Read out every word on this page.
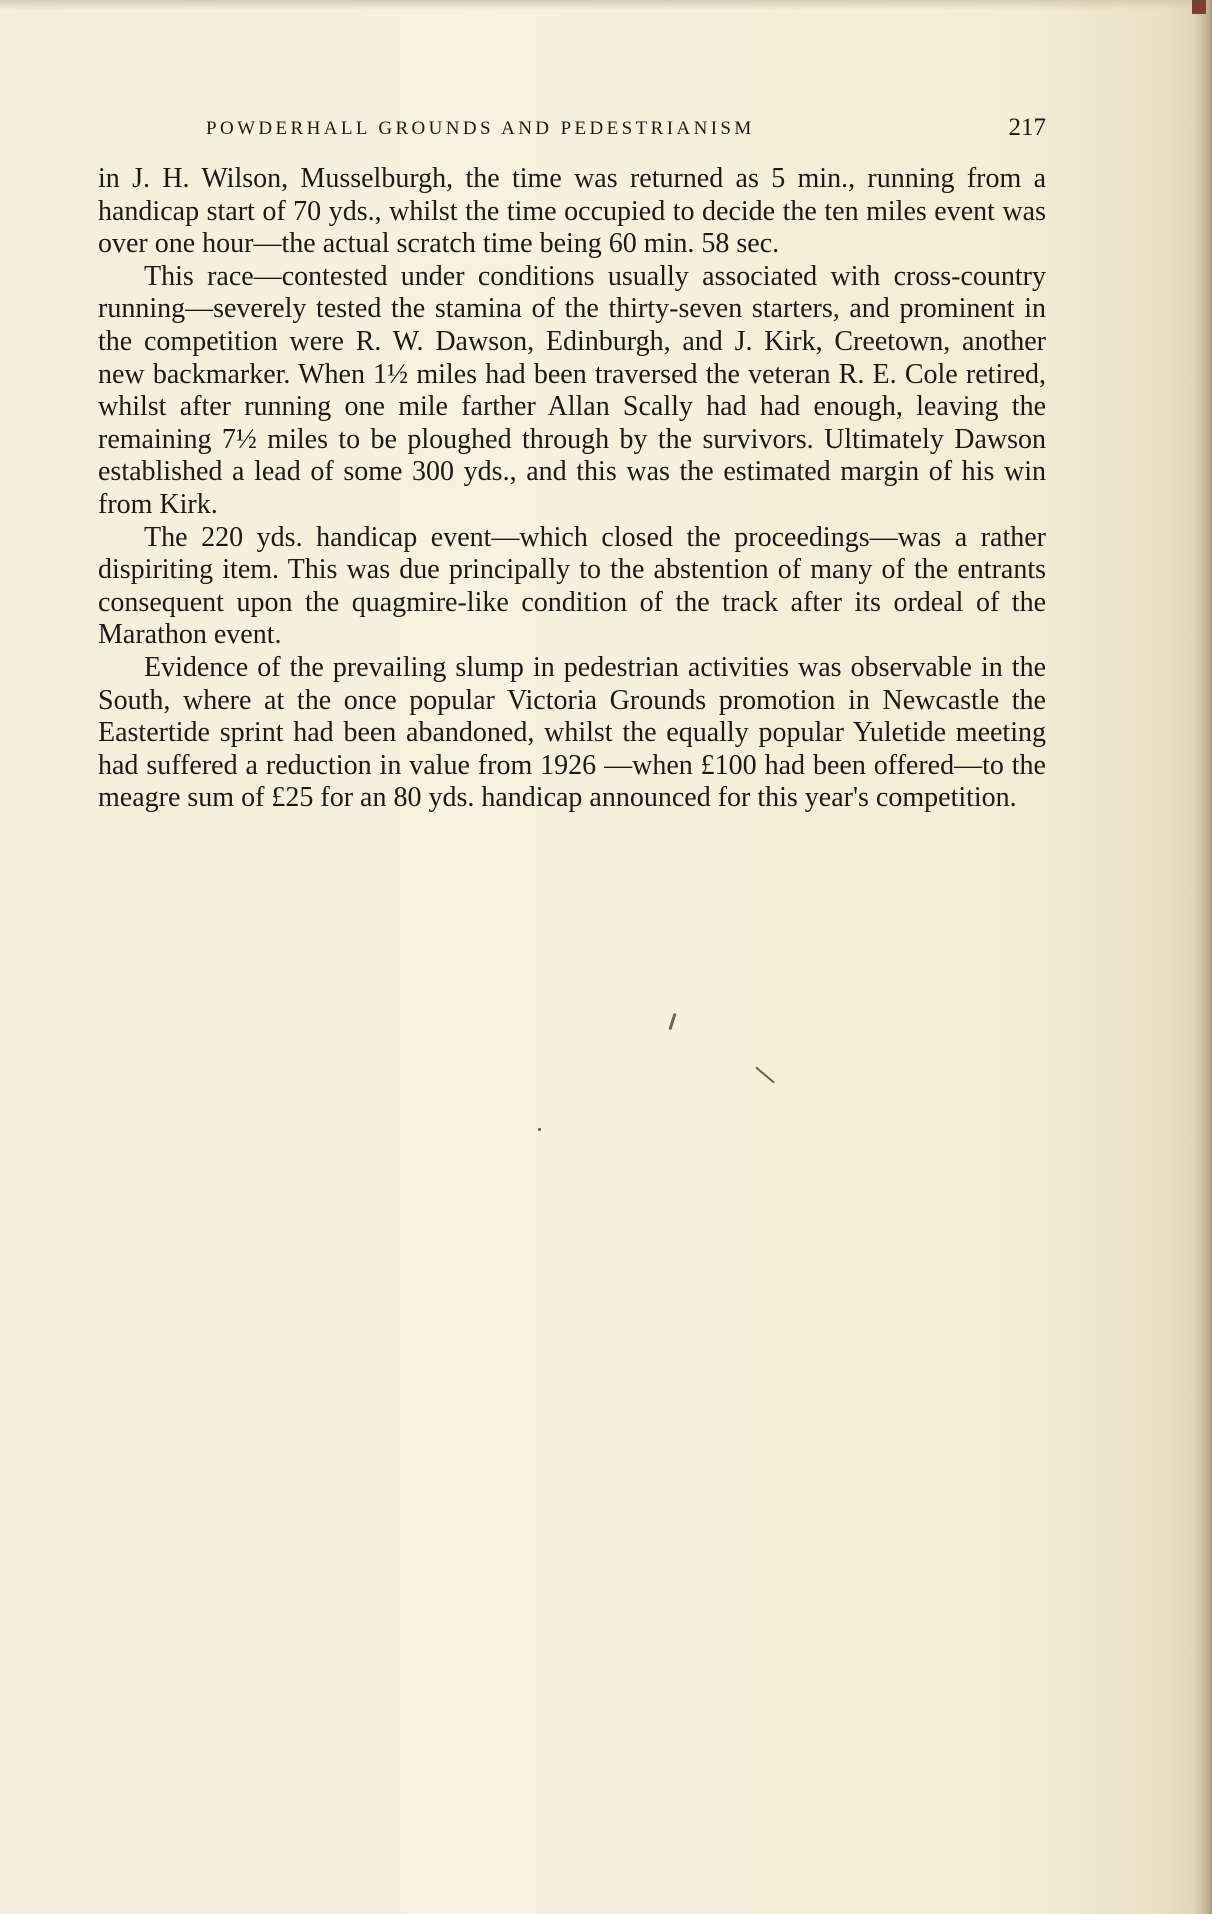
POWDERHALL GROUNDS AND PEDESTRIANISM	217

in J. H. Wilson, Musselburgh, the time was returned as 5 min., running from a handicap start of 70 yds., whilst the time occupied to decide the ten miles event was over one hour—the actual scratch time being 60 min. 58 sec.

This race—contested under conditions usually associated with cross-country running—severely tested the stamina of the thirty-seven starters, and prominent in the competition were R. W. Dawson, Edinburgh, and J. Kirk, Creetown, another new backmarker. When 1½ miles had been traversed the veteran R. E. Cole retired, whilst after running one mile farther Allan Scally had had enough, leaving the remaining 7½ miles to be ploughed through by the survivors. Ultimately Dawson established a lead of some 300 yds., and this was the estimated margin of his win from Kirk.

The 220 yds. handicap event—which closed the proceedings—was a rather dispiriting item. This was due principally to the abstention of many of the entrants consequent upon the quagmire-like condition of the track after its ordeal of the Marathon event.

Evidence of the prevailing slump in pedestrian activities was observable in the South, where at the once popular Victoria Grounds promotion in Newcastle the Eastertide sprint had been abandoned, whilst the equally popular Yuletide meeting had suffered a reduction in value from 1926 —when £100 had been offered—to the meagre sum of £25 for an 80 yds. handicap announced for this year's competition.
